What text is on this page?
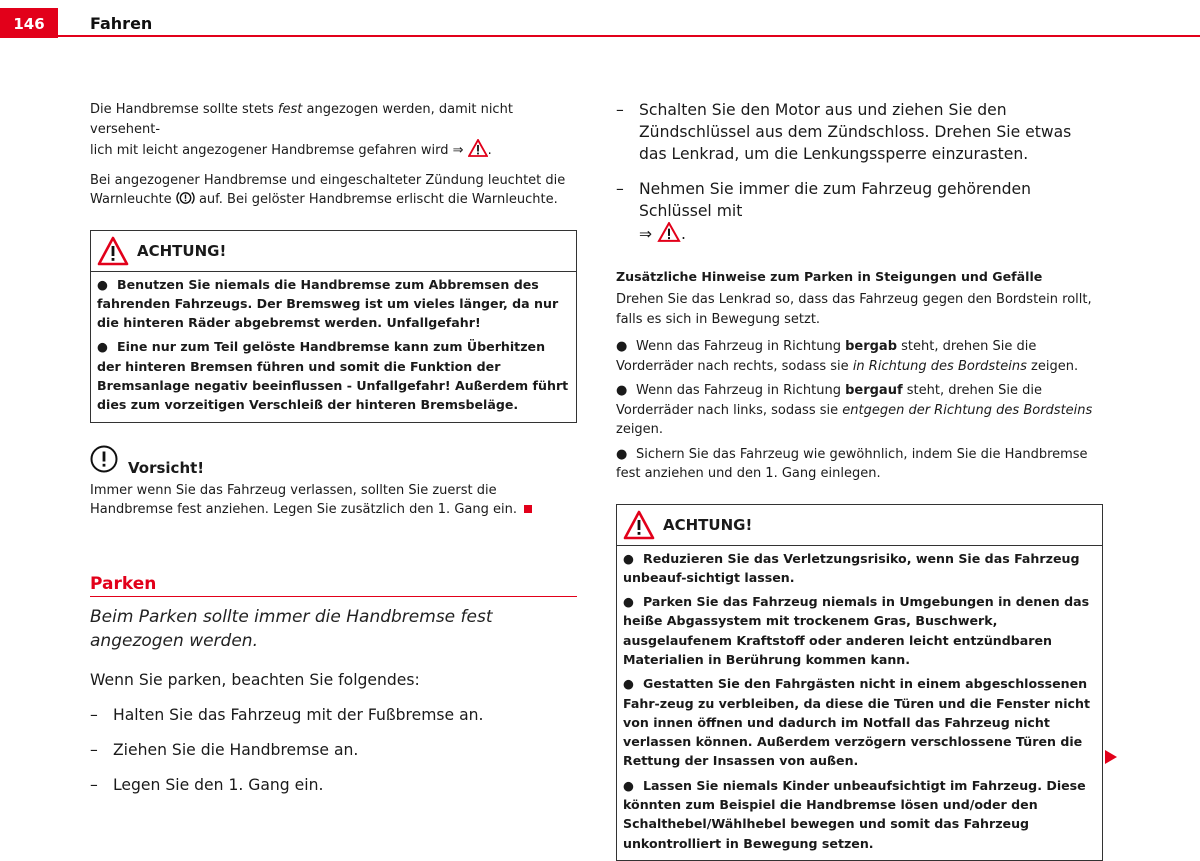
146	Fahren

Die Handbremse sollte stets fest angezogen werden, damit nicht versehent-
lich mit leicht angezogener Handbremse gefahren wird ⇒ .

Bei angezogener Handbremse und eingeschalteter Zündung leuchtet die
Warnleuchte  auf. Bei gelöster Handbremse erlischt die Warnleuchte.

ACHTUNG!

● Benutzen Sie niemals die Handbremse zum Abbremsen des fahrenden Fahrzeugs. Der Bremsweg ist um vieles länger, da nur die hinteren Räder abgebremst werden. Unfallgefahr!

● Eine nur zum Teil gelöste Handbremse kann zum Überhitzen der hinteren Bremsen führen und somit die Funktion der Bremsanlage negativ beeinflussen - Unfallgefahr! Außerdem führt dies zum vorzeitigen Verschleiß der hinteren Bremsbeläge.

Vorsicht!

Immer wenn Sie das Fahrzeug verlassen, sollten Sie zuerst die Handbremse fest anziehen. Legen Sie zusätzlich den 1. Gang ein.

Parken

Beim Parken sollte immer die Handbremse fest angezogen werden.

Wenn Sie parken, beachten Sie folgendes:

– Halten Sie das Fahrzeug mit der Fußbremse an.
– Ziehen Sie die Handbremse an.
– Legen Sie den 1. Gang ein.
– Schalten Sie den Motor aus und ziehen Sie den Zündschlüssel aus dem Zündschloss. Drehen Sie etwas das Lenkrad, um die Lenkungssperre einzurasten.
– Nehmen Sie immer die zum Fahrzeug gehörenden Schlüssel mit
⇒ .

Zusätzliche Hinweise zum Parken in Steigungen und Gefälle

Drehen Sie das Lenkrad so, dass das Fahrzeug gegen den Bordstein rollt, falls es sich in Bewegung setzt.

● Wenn das Fahrzeug in Richtung bergab steht, drehen Sie die Vorderräder nach rechts, sodass sie in Richtung des Bordsteins zeigen.

● Wenn das Fahrzeug in Richtung bergauf steht, drehen Sie die Vorderräder nach links, sodass sie entgegen der Richtung des Bordsteins zeigen.

● Sichern Sie das Fahrzeug wie gewöhnlich, indem Sie die Handbremse fest anziehen und den 1. Gang einlegen.

ACHTUNG!

● Reduzieren Sie das Verletzungsrisiko, wenn Sie das Fahrzeug unbeauf-sichtigt lassen.

● Parken Sie das Fahrzeug niemals in Umgebungen in denen das heiße Abgassystem mit trockenem Gras, Buschwerk, ausgelaufenem Kraftstoff oder anderen leicht entzündbaren Materialien in Berührung kommen kann.

● Gestatten Sie den Fahrgästen nicht in einem abgeschlossenen Fahr-zeug zu verbleiben, da diese die Türen und die Fenster nicht von innen öffnen und dadurch im Notfall das Fahrzeug nicht verlassen können. Außerdem verzögern verschlossene Türen die Rettung der Insassen von außen.

● Lassen Sie niemals Kinder unbeaufsichtigt im Fahrzeug. Diese könnten zum Beispiel die Handbremse lösen und/oder den Schalthebel/Wählhebel bewegen und somit das Fahrzeug unkontrolliert in Bewegung setzen.
